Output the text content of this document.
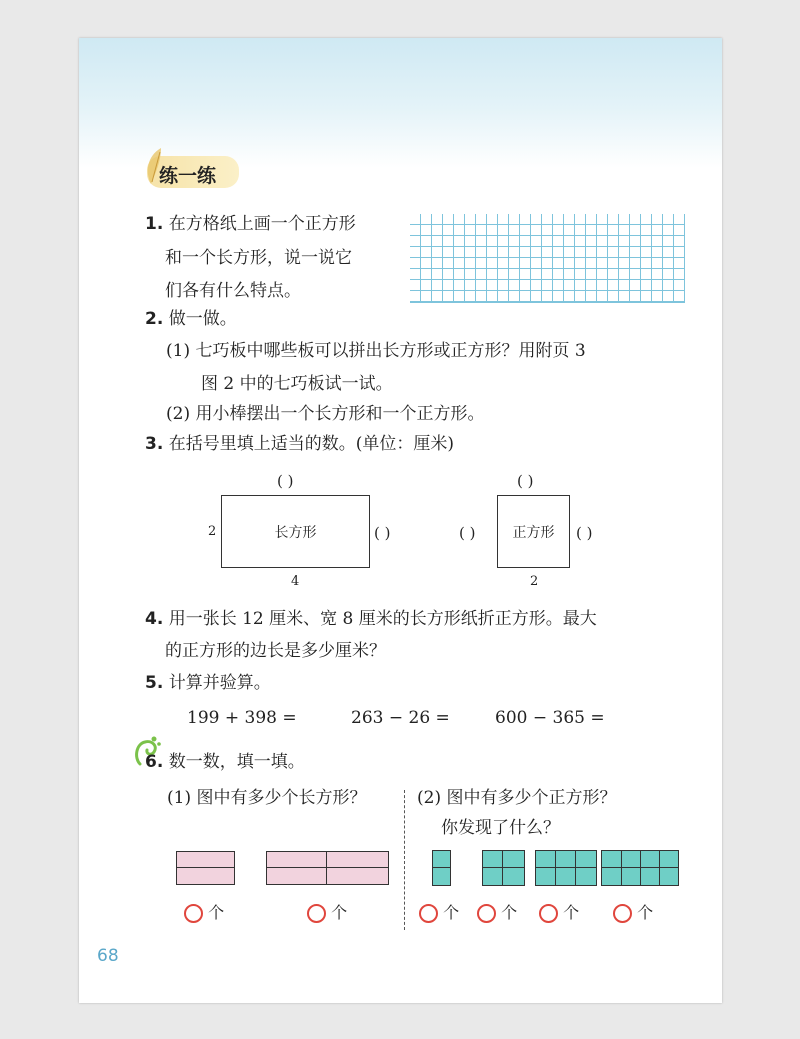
练一练
1. 在方格纸上画一个正方形
和一个长方形，说一说它
们各有什么特点。
2. 做一做。
(1) 七巧板中哪些板可以拼出长方形或正方形？用附页 3
图 2 中的七巧板试一试。
(2) 用小棒摆出一个长方形和一个正方形。
3. 在括号里填上适当的数。(单位：厘米)
( )
2	长方形	( )
4
( )
( )	正方形 ( )
2
4. 用一张长 12 厘米、宽 8 厘米的长方形纸折正方形。最大
的正方形的边长是多少厘米？
5. 计算并验算。
199 + 398 =	263 − 26 =	600 − 365 =
6. 数一数，填一填。
(1) 图中有多少个长方形？	(2) 图中有多少个正方形？
你发现了什么？
个	个	个	个	个	个
68
